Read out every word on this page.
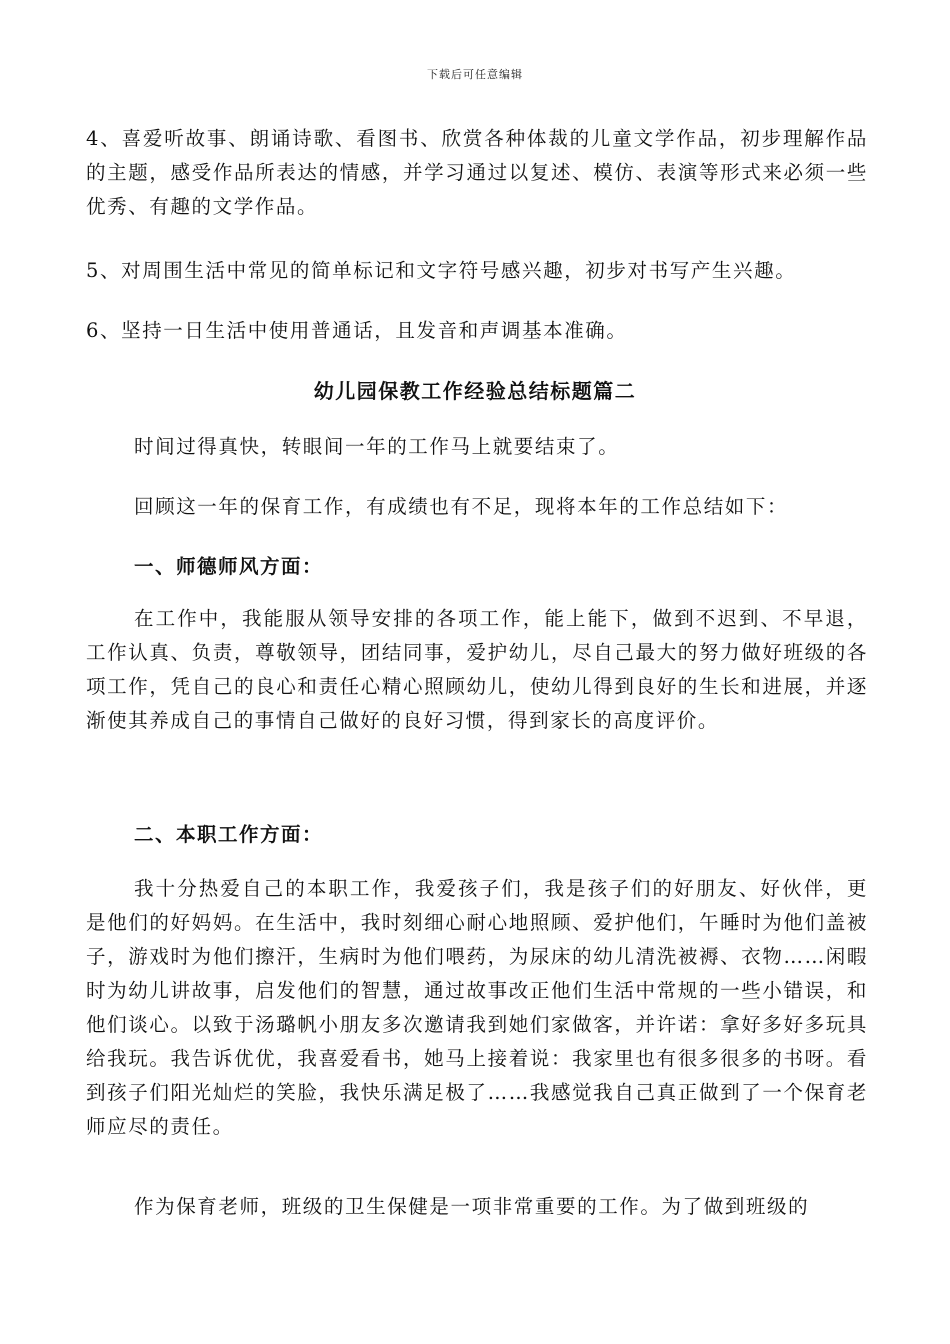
下载后可任意编辑
4、喜爱听故事、朗诵诗歌、看图书、欣赏各种体裁的儿童文学作品，初步理解作品的主题，感受作品所表达的情感，并学习通过以复述、模仿、表演等形式来必须一些优秀、有趣的文学作品。
5、对周围生活中常见的简单标记和文字符号感兴趣，初步对书写产生兴趣。
6、坚持一日生活中使用普通话，且发音和声调基本准确。
幼儿园保教工作经验总结标题篇二
时间过得真快，转眼间一年的工作马上就要结束了。
回顾这一年的保育工作，有成绩也有不足，现将本年的工作总结如下：
一、师德师风方面：
在工作中，我能服从领导安排的各项工作，能上能下，做到不迟到、不早退，工作认真、负责，尊敬领导，团结同事，爱护幼儿，尽自己最大的努力做好班级的各项工作，凭自己的良心和责任心精心照顾幼儿，使幼儿得到良好的生长和进展，并逐渐使其养成自己的事情自己做好的良好习惯，得到家长的高度评价。
二、本职工作方面：
我十分热爱自己的本职工作，我爱孩子们，我是孩子们的好朋友、好伙伴，更是他们的好妈妈。在生活中，我时刻细心耐心地照顾、爱护他们，午睡时为他们盖被子，游戏时为他们擦汗，生病时为他们喂药，为尿床的幼儿清洗被褥、衣物……闲暇时为幼儿讲故事，启发他们的智慧，通过故事改正他们生活中常规的一些小错误，和他们谈心。以致于汤璐帆小朋友多次邀请我到她们家做客，并许诺：拿好多好多玩具给我玩。我告诉优优，我喜爱看书，她马上接着说：我家里也有很多很多的书呀。看到孩子们阳光灿烂的笑脸，我快乐满足极了……我感觉我自己真正做到了一个保育老师应尽的责任。
作为保育老师，班级的卫生保健是一项非常重要的工作。为了做到班级的
